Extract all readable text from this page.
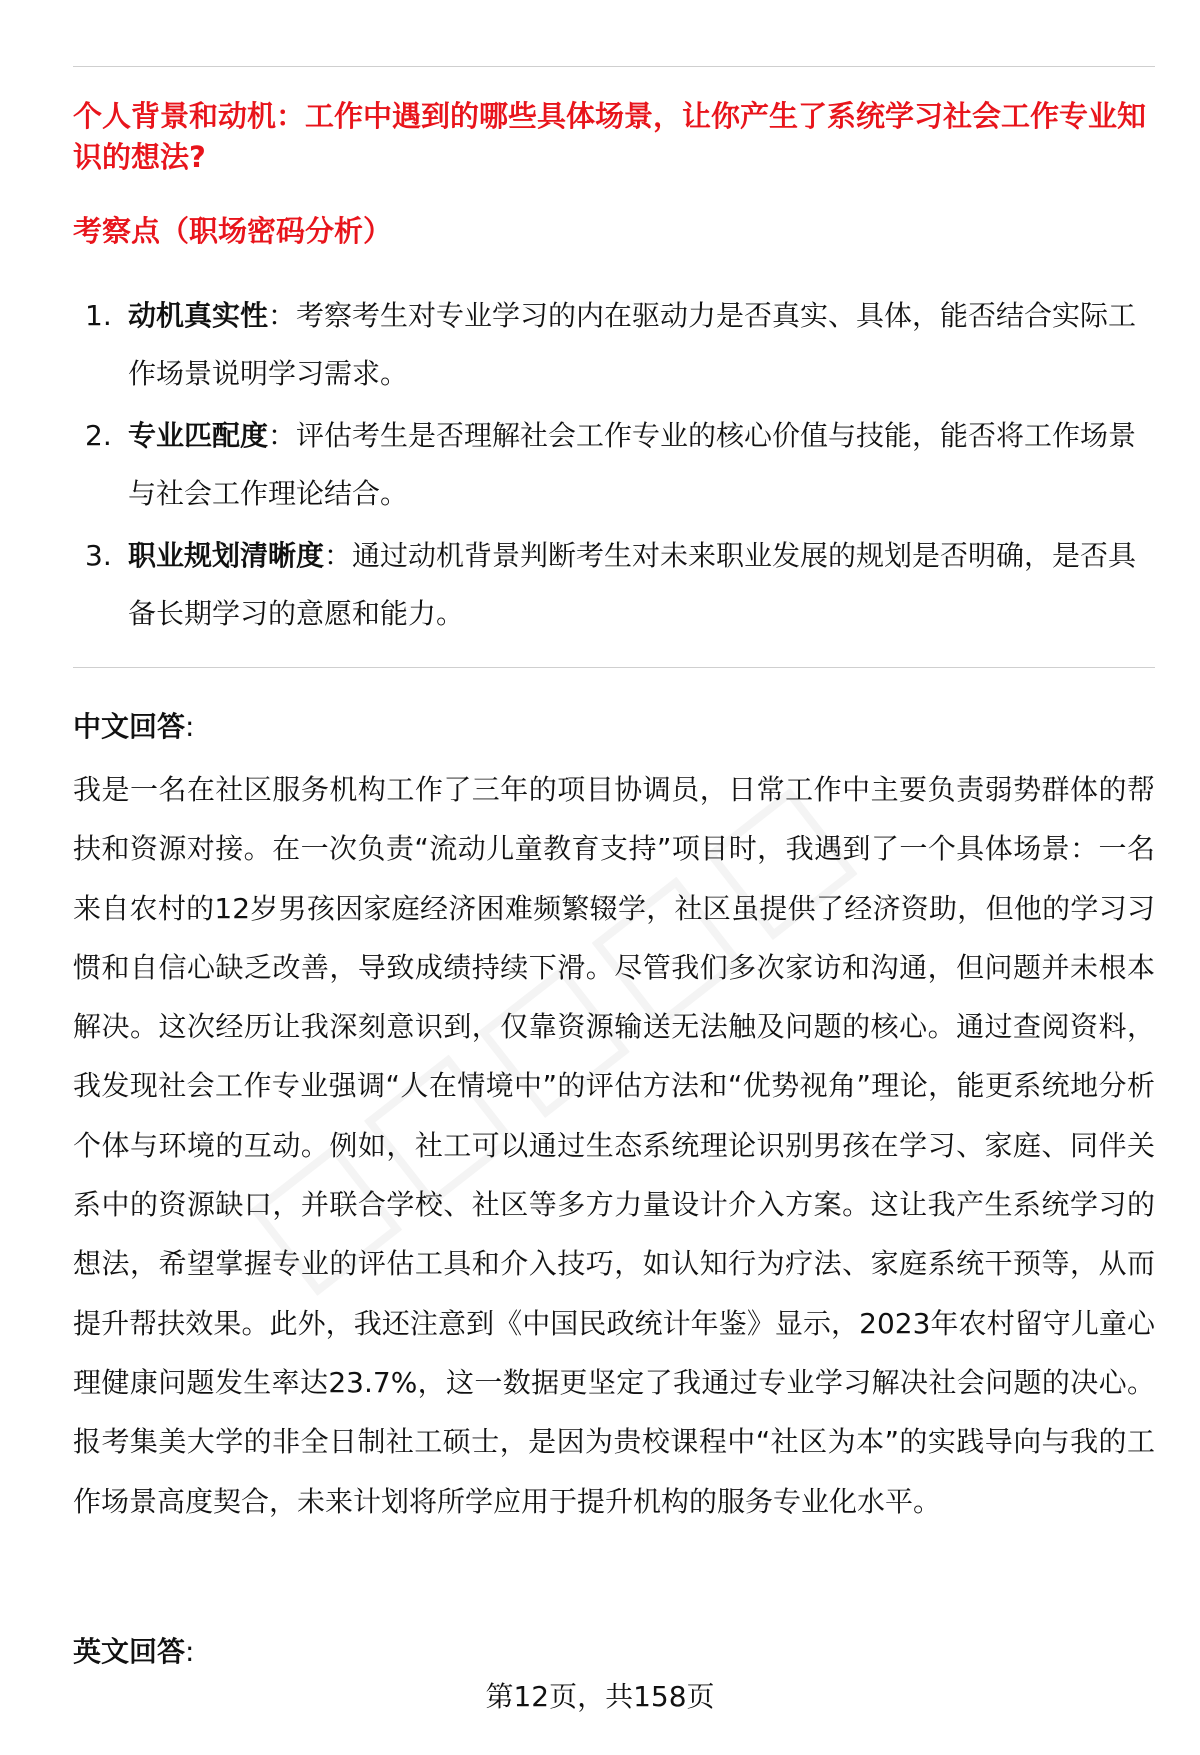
个人背景和动机：工作中遇到的哪些具体场景，让你产生了系统学习社会工作专业知识的想法?
考察点（职场密码分析）
1. 动机真实性：考察考生对专业学习的内在驱动力是否真实、具体，能否结合实际工作场景说明学习需求。
2. 专业匹配度：评估考生是否理解社会工作专业的核心价值与技能，能否将工作场景与社会工作理论结合。
3. 职业规划清晰度：通过动机背景判断考生对未来职业发展的规划是否明确，是否具备长期学习的意愿和能力。
中文回答:
我是一名在社区服务机构工作了三年的项目协调员，日常工作中主要负责弱势群体的帮扶和资源对接。在一次负责“流动儿童教育支持”项目时，我遇到了一个具体场景：一名来自农村的12岁男孩因家庭经济困难频繁辍学，社区虽提供了经济资助，但他的学习习惯和自信心缺乏改善，导致成绩持续下滑。尽管我们多次家访和沟通，但问题并未根本解决。这次经历让我深刻意识到，仅靠资源输送无法触及问题的核心。通过查阅资料，我发现社会工作专业强调“人在情境中”的评估方法和“优势视角”理论，能更系统地分析个体与环境的互动。例如，社工可以通过生态系统理论识别男孩在学习、家庭、同伴关系中的资源缺口，并联合学校、社区等多方力量设计介入方案。这让我产生系统学习的想法，希望掌握专业的评估工具和介入技巧，如认知行为疗法、家庭系统干预等，从而提升帮扶效果。此外，我还注意到《中国民政统计年鉴》显示，2023年农村留守儿童心理健康问题发生率达23.7%，这一数据更坚定了我通过专业学习解决社会问题的决心。报考集美大学的非全日制社工硕士，是因为贵校课程中“社区为本”的实践导向与我的工作场景高度契合，未来计划将所学应用于提升机构的服务专业化水平。
英文回答:
第12页，共158页
